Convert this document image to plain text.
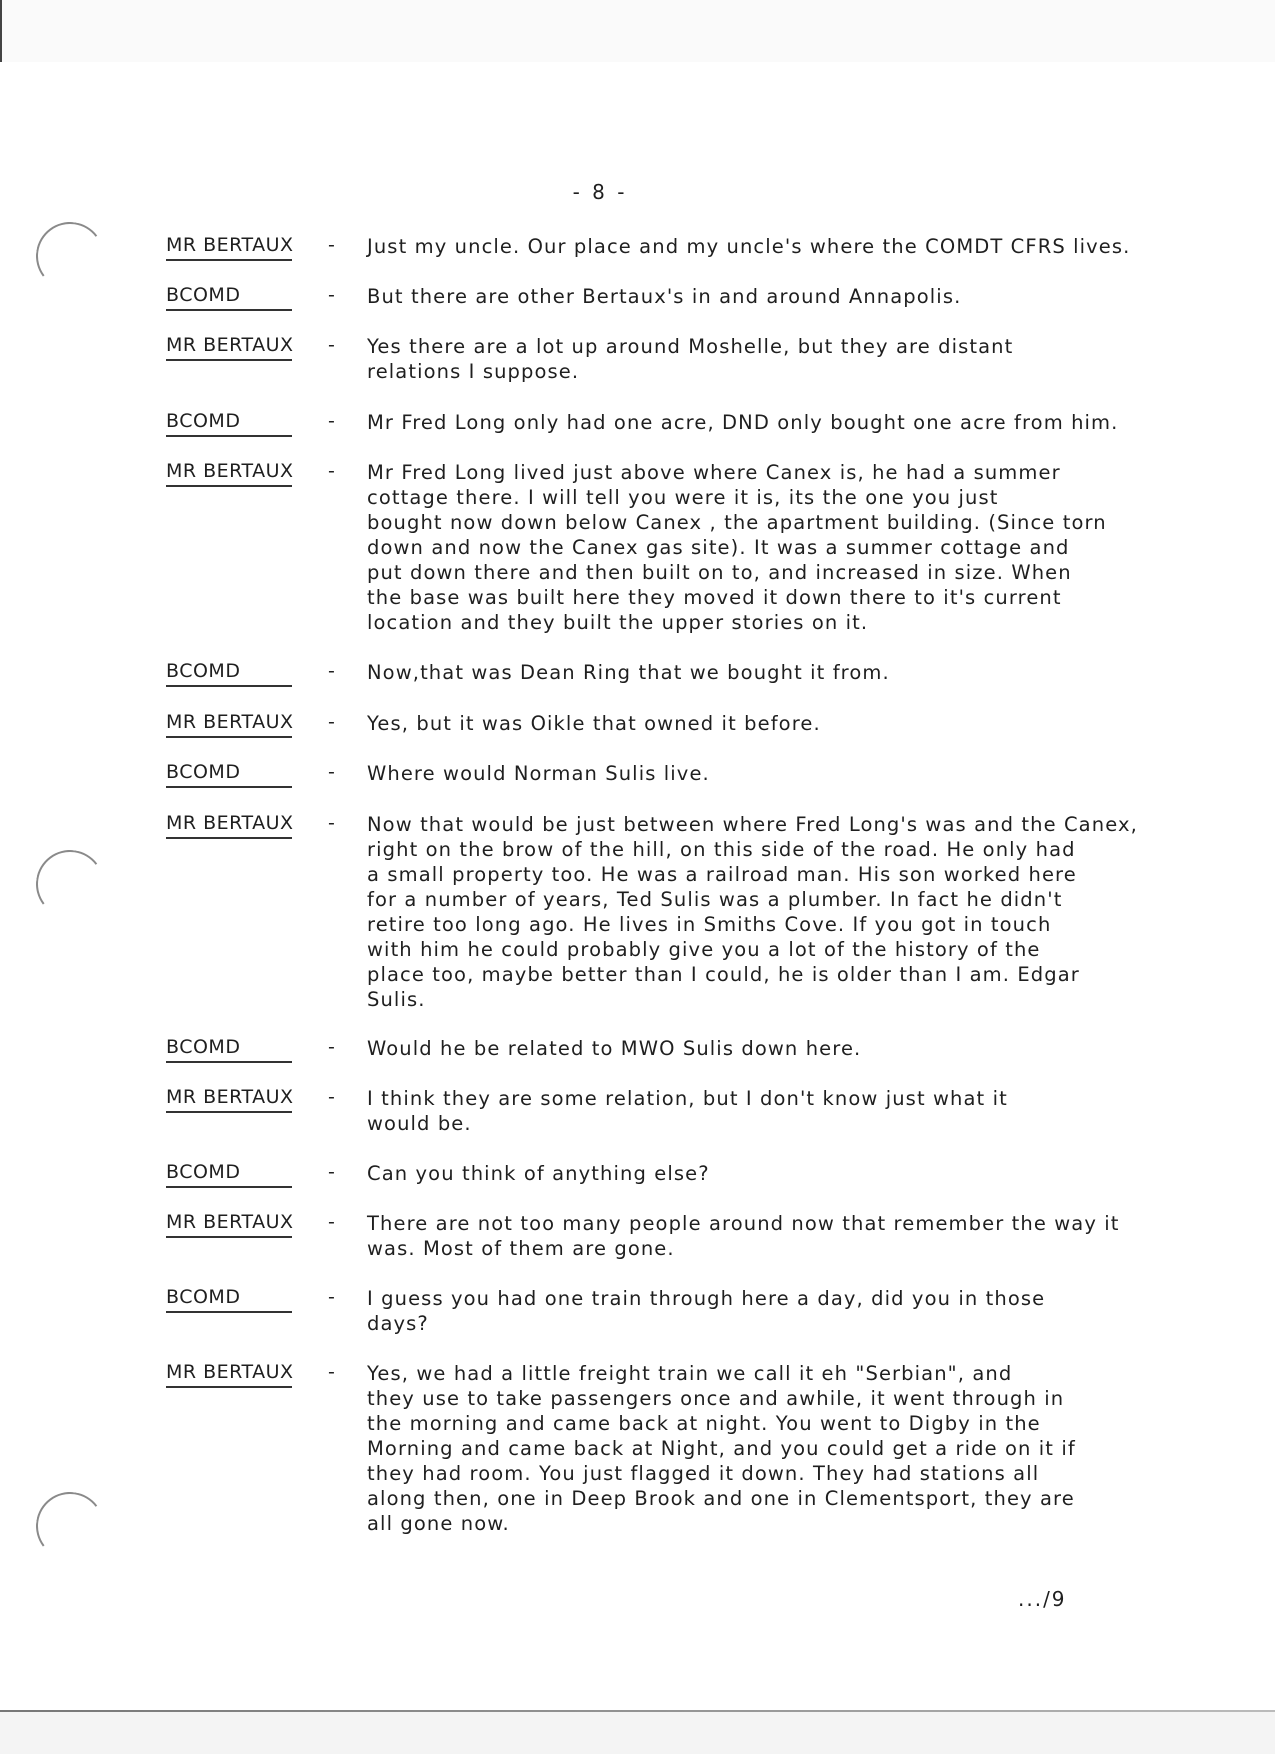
- 8 -
MR BERTAUX - Just my uncle. Our place and my uncle's where the COMDT CFRS lives.
BCOMD	- But there are other Bertaux's in and around Annapolis.
MR BERTAUX - Yes there are a lot up around Moshelle, but they are distant
relations I suppose.
BCOMD	- Mr Fred Long only had one acre, DND only bought one acre from him.
MR BERTAUX - Mr Fred Long lived just above where Canex is, he had a summer
cottage there. I will tell you were it is, its the one you just
bought now down below Canex , the apartment building. (Since torn
down and now the Canex gas site). It was a summer cottage and
put down there and then built on to, and increased in size. When
the base was built here they moved it down there to it's current
location and they built the upper stories on it.
BCOMD	- Now,that was Dean Ring that we bought it from.
MR BERTAUX - Yes, but it was Oikle that owned it before.
BCOMD	- Where would Norman Sulis live.
MR BERTAUX - Now that would be just between where Fred Long's was and the Canex,
right on the brow of the hill, on this side of the road. He only had
a small property too. He was a railroad man. His son worked here
for a number of years, Ted Sulis was a plumber. In fact he didn't
retire too long ago. He lives in Smiths Cove. If you got in touch
with him he could probably give you a lot of the history of the
place too, maybe better than I could, he is older than I am. Edgar
Sulis.
BCOMD	- Would he be related to MWO Sulis down here.
MR BERTAUX - I think they are some relation, but I don't know just what it
would be.
BCOMD	- Can you think of anything else?
MR BERTAUX - There are not too many people around now that remember the way it
was. Most of them are gone.
BCOMD	- I guess you had one train through here a day, did you in those
days?
MR BERTAUX - Yes, we had a little freight train we call it eh "Serbian", and
they use to take passengers once and awhile, it went through in
the morning and came back at night. You went to Digby in the
Morning and came back at Night, and you could get a ride on it if
they had room. You just flagged it down. They had stations all
along then, one in Deep Brook and one in Clementsport, they are
all gone now.
.../9
